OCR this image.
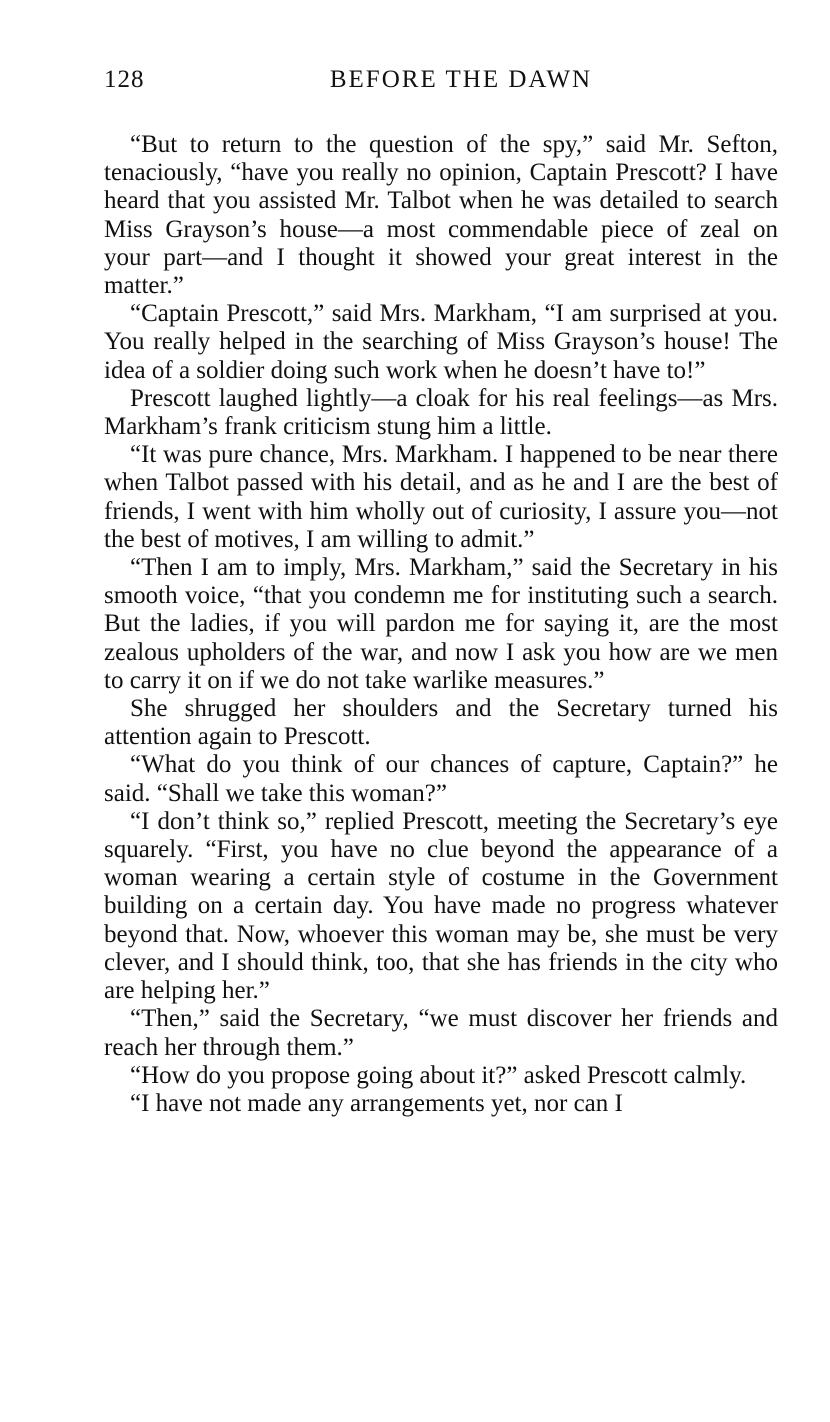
128	BEFORE THE DAWN

“But to return to the question of the spy,” said Mr. Sefton, tenaciously, “have you really no opinion, Captain Prescott? I have heard that you assisted Mr. Talbot when he was detailed to search Miss Grayson’s house—a most commendable piece of zeal on your part—and I thought it showed your great interest in the matter.”

“Captain Prescott,” said Mrs. Markham, “I am surprised at you. You really helped in the searching of Miss Grayson’s house! The idea of a soldier doing such work when he doesn’t have to!”

Prescott laughed lightly—a cloak for his real feelings—as Mrs. Markham’s frank criticism stung him a little.

“It was pure chance, Mrs. Markham. I happened to be near there when Talbot passed with his detail, and as he and I are the best of friends, I went with him wholly out of curiosity, I assure you—not the best of motives, I am willing to admit.”

“Then I am to imply, Mrs. Markham,” said the Secretary in his smooth voice, “that you condemn me for instituting such a search. But the ladies, if you will pardon me for saying it, are the most zealous upholders of the war, and now I ask you how are we men to carry it on if we do not take warlike measures.”

She shrugged her shoulders and the Secretary turned his attention again to Prescott.

“What do you think of our chances of capture, Captain?” he said. “Shall we take this woman?”

“I don’t think so,” replied Prescott, meeting the Secretary’s eye squarely. “First, you have no clue beyond the appearance of a woman wearing a certain style of costume in the Government building on a certain day. You have made no progress whatever beyond that. Now, whoever this woman may be, she must be very clever, and I should think, too, that she has friends in the city who are helping her.”

“Then,” said the Secretary, “we must discover her friends and reach her through them.”

“How do you propose going about it?” asked Prescott calmly.

“I have not made any arrangements yet, nor can I
